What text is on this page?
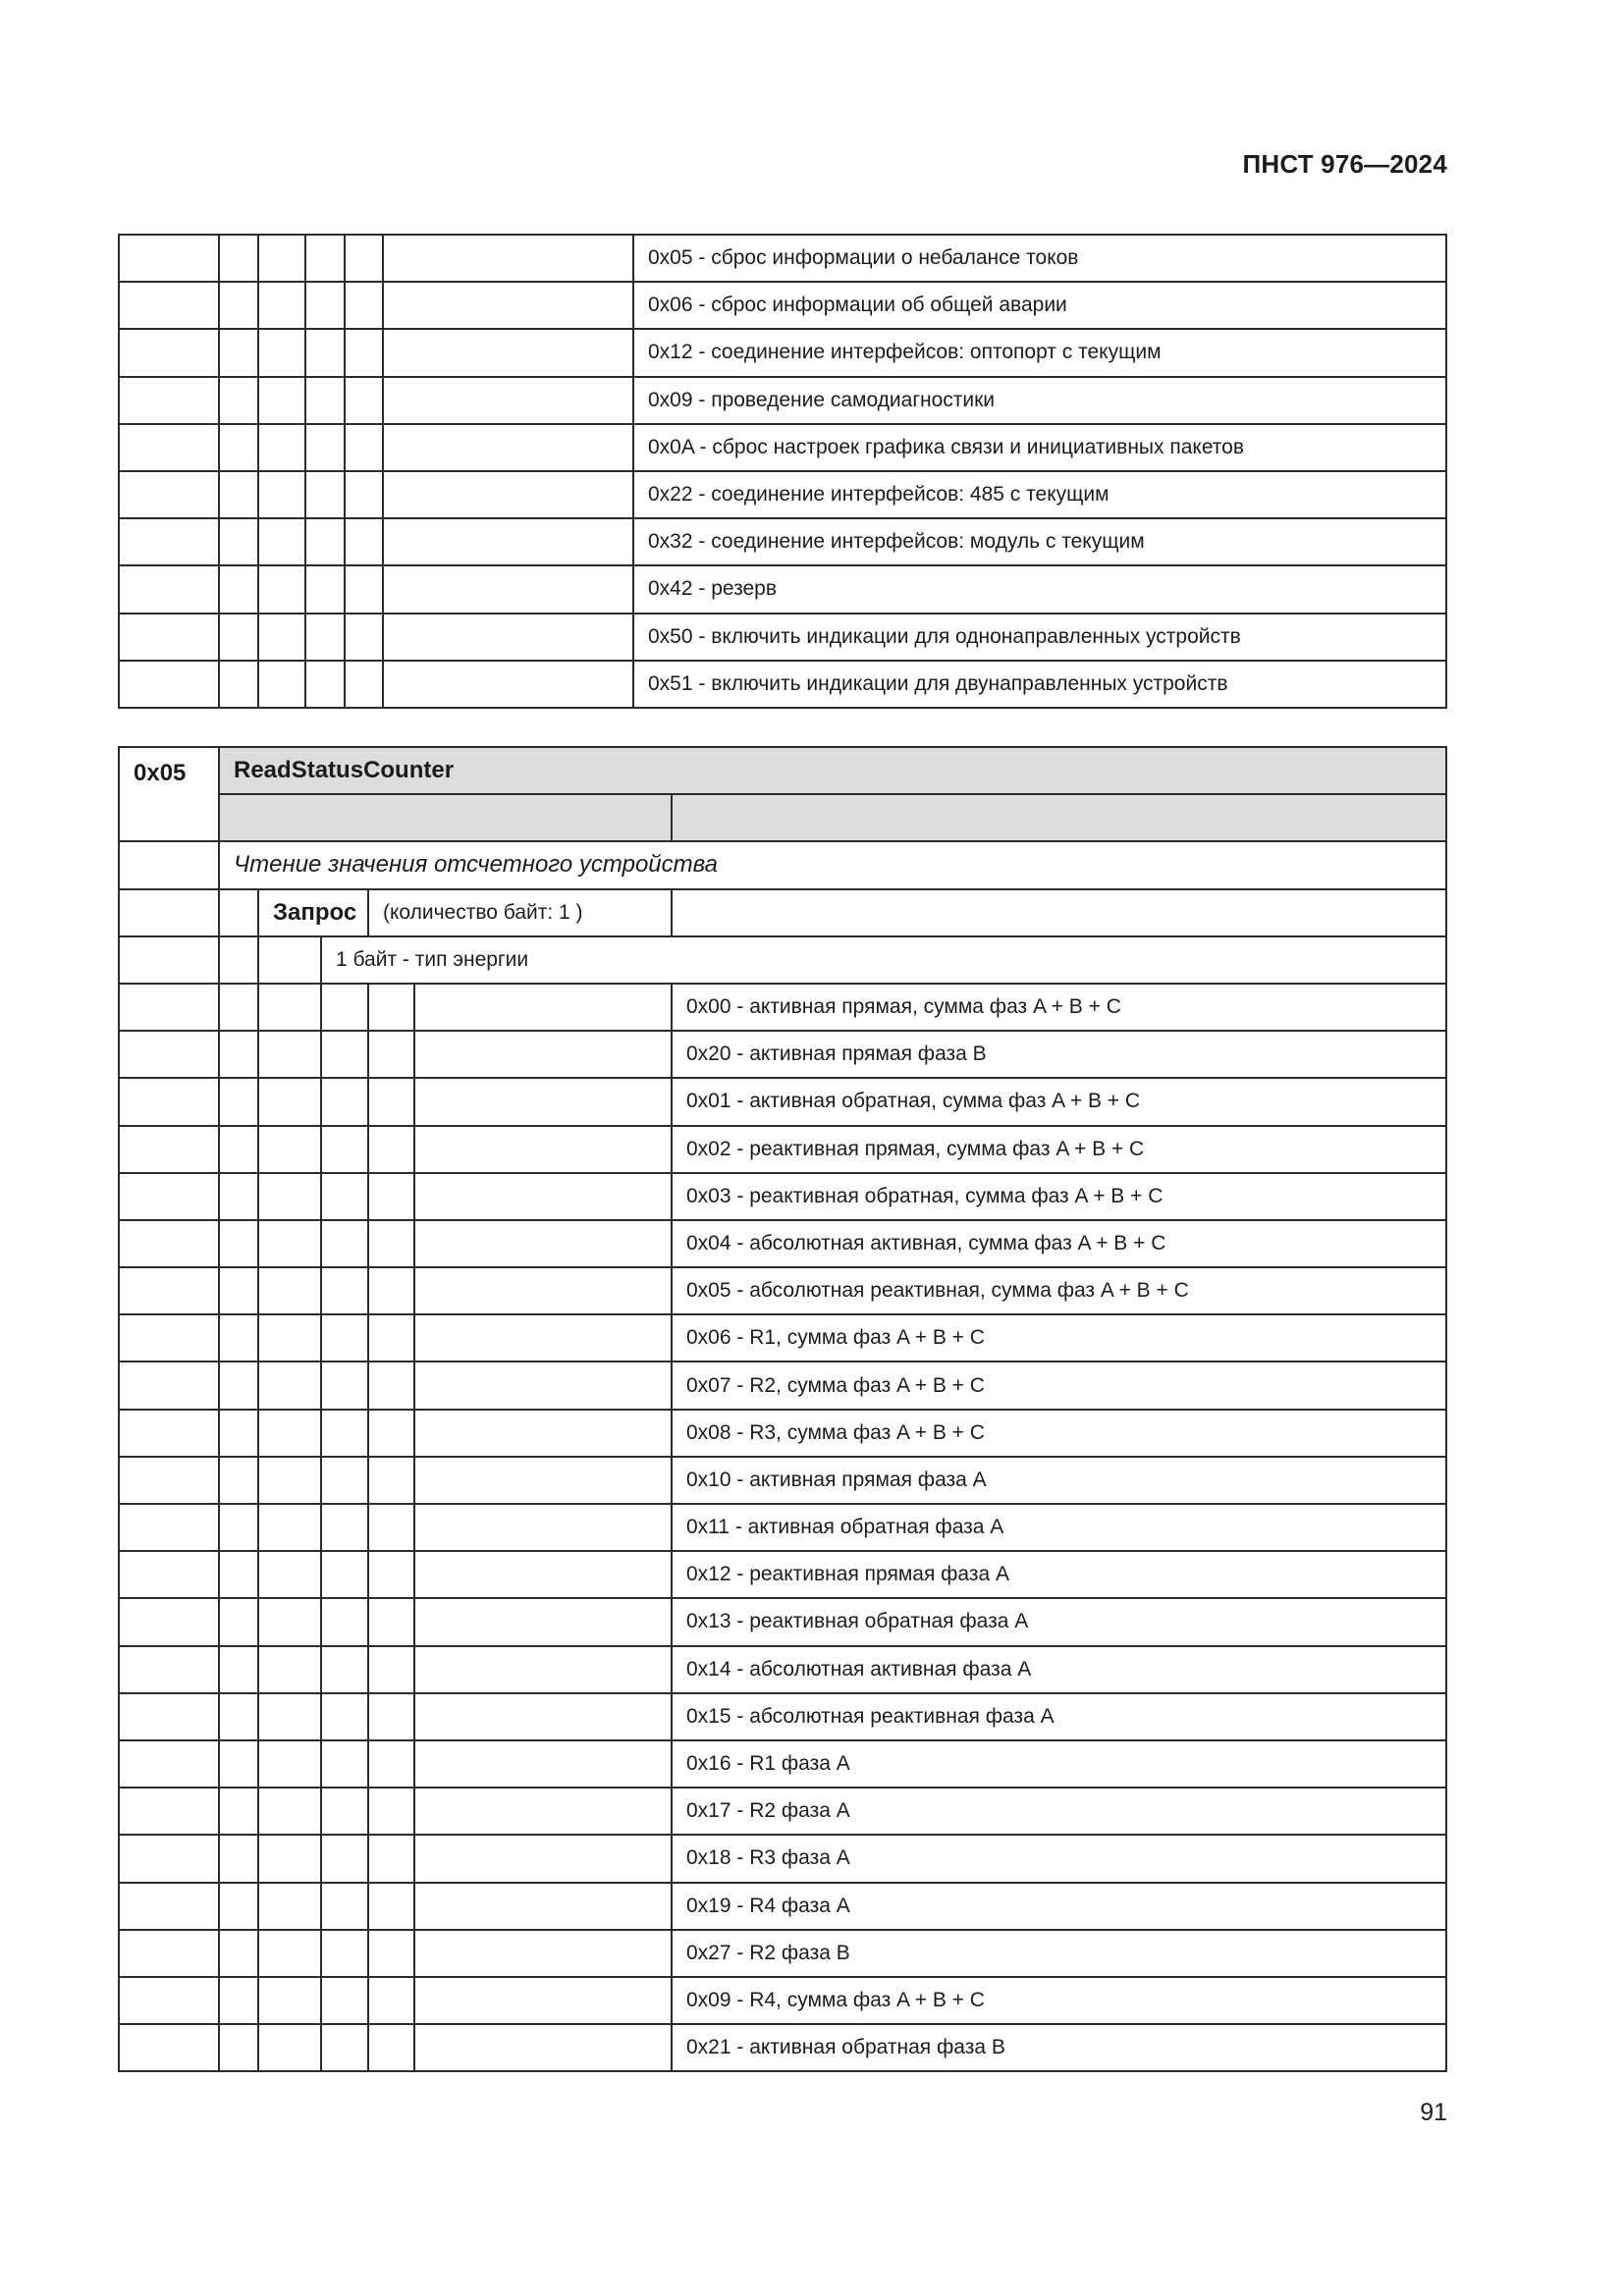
ПНСТ 976—2024
						0x05 - сброс информации о небалансе токов
						0x06 - сброс информации об общей аварии
						0x12 - соединение интерфейсов: оптопорт с текущим
						0x09 - проведение самодиагностики
						0x0A - сброс настроек графика связи и инициативных пакетов
						0x22 - соединение интерфейсов: 485 с текущим
						0x32 - соединение интерфейсов: модуль с текущим
						0x42 - резерв
						0x50 - включить индикации для однонаправленных устройств
						0x51 - включить индикации для двунаправленных устройств
0x05	ReadStatusCounter					

	Чтение значения отсчетного устройства					
		Запрос		(количество байт: 1 )		
			1 байт - тип энергии			
						0x00 - активная прямая, сумма фаз A + B + C
						0x20 - активная прямая фаза B
						0x01 - активная обратная, сумма фаз A + B + C
						0x02 - реактивная прямая, сумма фаз A + B + C
						0x03 - реактивная обратная, сумма фаз A + B + C
						0x04 - абсолютная активная, сумма фаз A + B + C
						0x05 - абсолютная реактивная, сумма фаз A + B + C
						0x06 - R1, сумма фаз A + B + C
						0x07 - R2, сумма фаз A + B + C
						0x08 - R3, сумма фаз A + B + C
						0x10 - активная прямая фаза A
						0x11 - активная обратная фаза A
						0x12 - реактивная прямая фаза A
						0x13 - реактивная обратная фаза A
						0x14 - абсолютная активная фаза A
						0x15 - абсолютная реактивная фаза A
						0x16 - R1 фаза A
						0x17 - R2 фаза A
						0x18 - R3 фаза A
						0x19 - R4 фаза A
						0x27 - R2 фаза B
						0x09 - R4, сумма фаз A + B + C
						0x21 - активная обратная фаза B
91
